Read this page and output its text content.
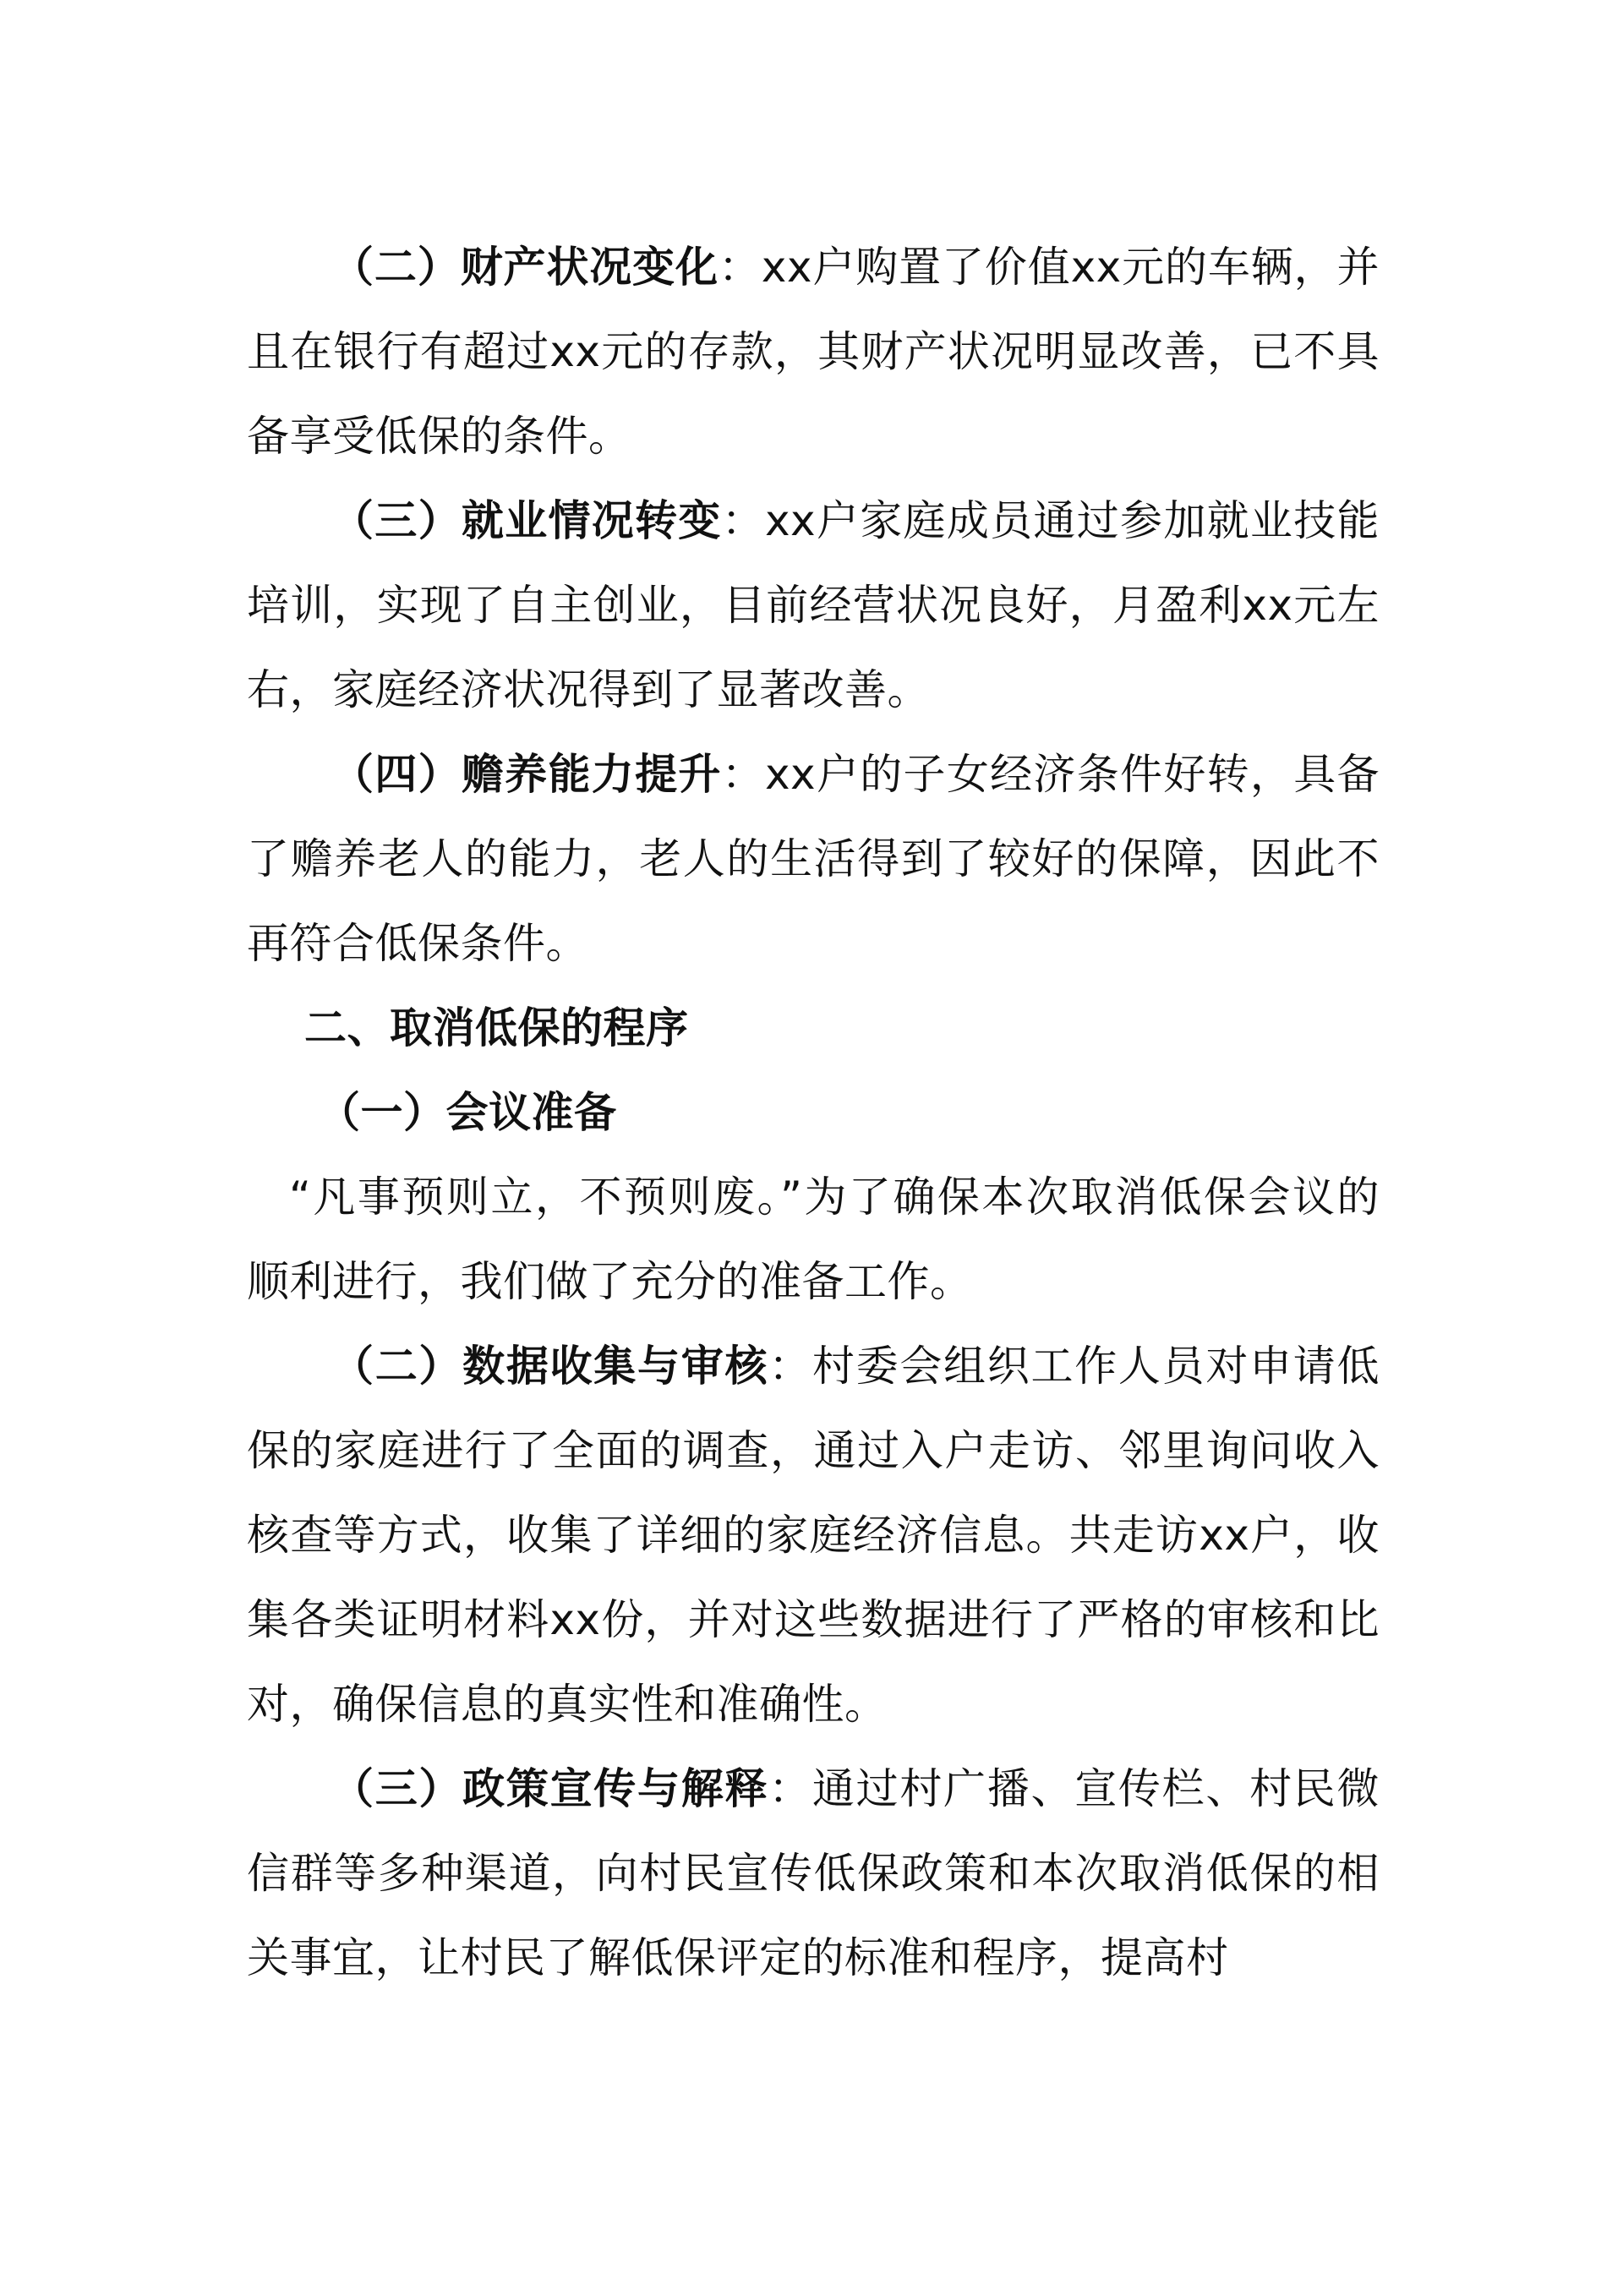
（二）财产状况变化：xx户购置了价值xx元的车辆，并且在银行有超过xx元的存款，其财产状况明显改善，已不具备享受低保的条件。

（三）就业情况转变：xx户家庭成员通过参加就业技能培训，实现了自主创业，目前经营状况良好，月盈利xx元左右，家庭经济状况得到了显著改善。

（四）赡养能力提升：xx户的子女经济条件好转，具备了赡养老人的能力，老人的生活得到了较好的保障，因此不再符合低保条件。

二、取消低保的程序

（一）会议准备

“凡事预则立，不预则废。”为了确保本次取消低保会议的顺利进行，我们做了充分的准备工作。

（二）数据收集与审核：村委会组织工作人员对申请低保的家庭进行了全面的调查，通过入户走访、邻里询问收入核查等方式，收集了详细的家庭经济信息。共走访xx户，收集各类证明材料xx份，并对这些数据进行了严格的审核和比对，确保信息的真实性和准确性。

（三）政策宣传与解释：通过村广播、宣传栏、村民微信群等多种渠道，向村民宣传低保政策和本次取消低保的相关事宜，让村民了解低保评定的标准和程序，提高村
